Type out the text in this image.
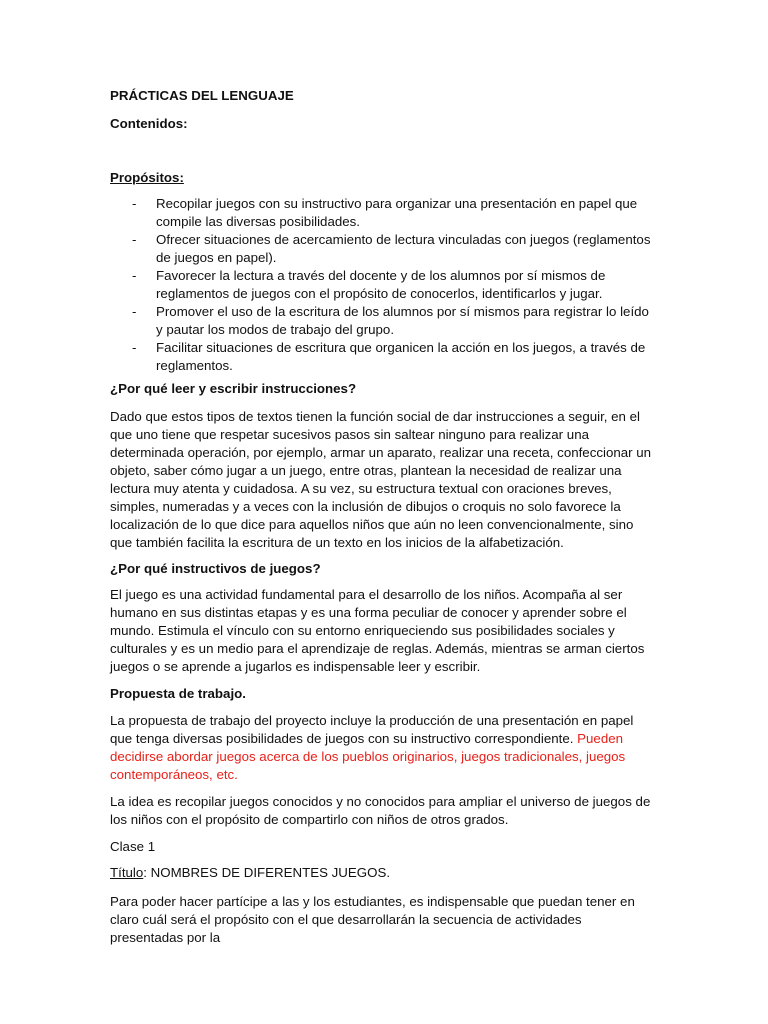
PRÁCTICAS DEL LENGUAJE

Contenidos:

Propósitos:

- Recopilar juegos con su instructivo para organizar una presentación en papel que compile las diversas posibilidades.
- Ofrecer situaciones de acercamiento de lectura vinculadas con juegos (reglamentos de juegos en papel).
- Favorecer la lectura a través del docente y de los alumnos por sí mismos de reglamentos de juegos con el propósito de conocerlos, identificarlos y jugar.
- Promover el uso de la escritura de los alumnos por sí mismos para registrar lo leído y pautar los modos de trabajo del grupo.
- Facilitar situaciones de escritura que organicen la acción en los juegos, a través de reglamentos.

¿Por qué leer y escribir instrucciones?

Dado que estos tipos de textos tienen la función social de dar instrucciones a seguir, en el que uno tiene que respetar sucesivos pasos sin saltear ninguno para realizar una determinada operación, por ejemplo, armar un aparato, realizar una receta, confeccionar un objeto, saber cómo jugar a un juego, entre otras, plantean la necesidad de realizar una lectura muy atenta y cuidadosa. A su vez, su estructura textual con oraciones breves, simples, numeradas y a veces con la inclusión de dibujos o croquis no solo favorece la localización de lo que dice para aquellos niños que aún no leen convencionalmente, sino que también facilita la escritura de un texto en los inicios de la alfabetización.

¿Por qué instructivos de juegos?

El juego es una actividad fundamental para el desarrollo de los niños. Acompaña al ser humano en sus distintas etapas y es una forma peculiar de conocer y aprender sobre el mundo. Estimula el vínculo con su entorno enriqueciendo sus posibilidades sociales y culturales y es un medio para el aprendizaje de reglas. Además, mientras se arman ciertos juegos o se aprende a jugarlos es indispensable leer y escribir.

Propuesta de trabajo.

La propuesta de trabajo del proyecto incluye la producción de una presentación en papel que tenga diversas posibilidades de juegos con su instructivo correspondiente. Pueden decidirse abordar juegos acerca de los pueblos originarios, juegos tradicionales, juegos contemporáneos, etc.

La idea es recopilar juegos conocidos y no conocidos para ampliar el universo de juegos de los niños con el propósito de compartirlo con niños de otros grados.

Clase 1

Título: NOMBRES DE DIFERENTES JUEGOS.

Para poder hacer partícipe a las y los estudiantes, es indispensable que puedan tener en claro cuál será el propósito con el que desarrollarán la secuencia de actividades presentadas por la
